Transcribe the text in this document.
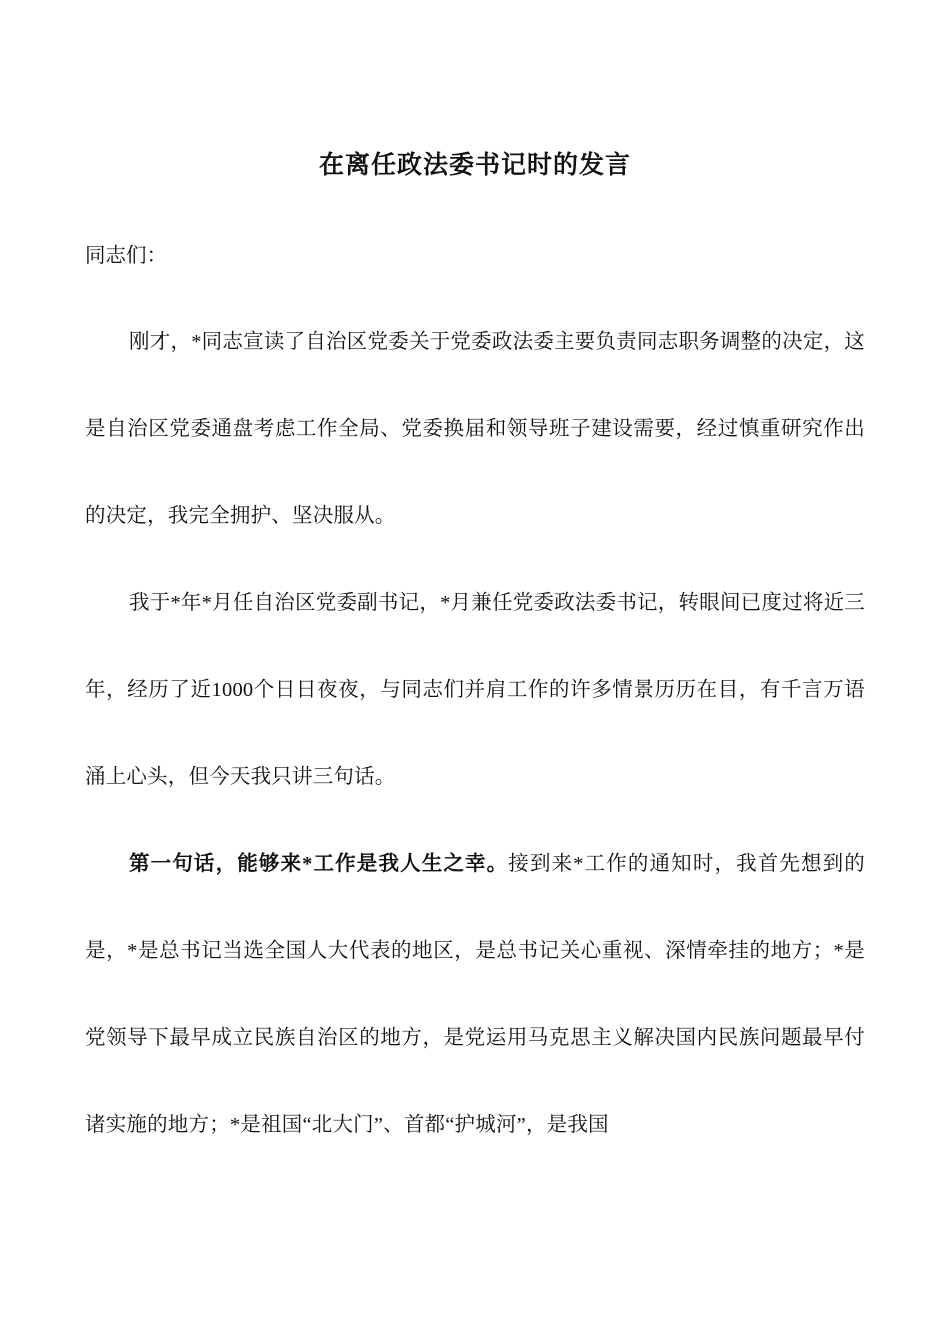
在离任政法委书记时的发言

同志们：

刚才，*同志宣读了自治区党委关于党委政法委主要负责同志职务调整的决定，这是自治区党委通盘考虑工作全局、党委换届和领导班子建设需要，经过慎重研究作出的决定，我完全拥护、坚决服从。

我于*年*月任自治区党委副书记，*月兼任党委政法委书记，转眼间已度过将近三年，经历了近1000个日日夜夜，与同志们并肩工作的许多情景历历在目，有千言万语涌上心头，但今天我只讲三句话。

第一句话，能够来*工作是我人生之幸。接到来*工作的通知时，我首先想到的是，*是总书记当选全国人大代表的地区，是总书记关心重视、深情牵挂的地方；*是党领导下最早成立民族自治区的地方，是党运用马克思主义解决国内民族问题最早付诸实施的地方；*是祖国“北大门”、首都“护城河”，是我国
